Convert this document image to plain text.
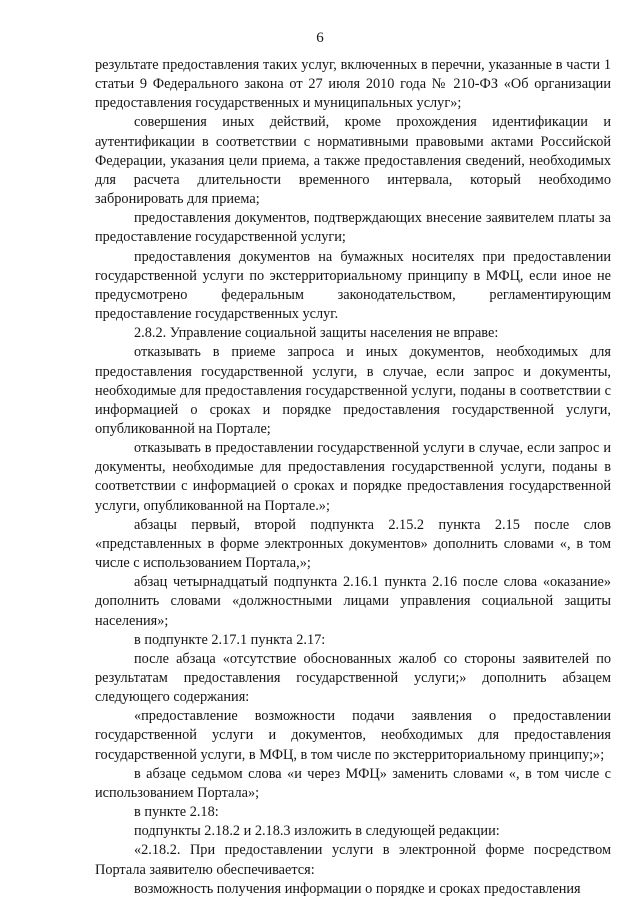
6

результате предоставления таких услуг, включенных в перечни, указанные в части 1 статьи 9 Федерального закона от 27 июля 2010 года № 210-ФЗ «Об организации предоставления государственных и муниципальных услуг»;

совершения иных действий, кроме прохождения идентификации и аутентификации в соответствии с нормативными правовыми актами Российской Федерации, указания цели приема, а также предоставления сведений, необходимых для расчета длительности временного интервала, который необходимо забронировать для приема;

предоставления документов, подтверждающих внесение заявителем платы за предоставление государственной услуги;

предоставления документов на бумажных носителях при предоставлении государственной услуги по экстерриториальному принципу в МФЦ, если иное не предусмотрено федеральным законодательством, регламентирующим предоставление государственных услуг.

2.8.2. Управление социальной защиты населения не вправе:

отказывать в приеме запроса и иных документов, необходимых для предоставления государственной услуги, в случае, если запрос и документы, необходимые для предоставления государственной услуги, поданы в соответствии с информацией о сроках и порядке предоставления государственной услуги, опубликованной на Портале;

отказывать в предоставлении государственной услуги в случае, если запрос и документы, необходимые для предоставления государственной услуги, поданы в соответствии с информацией о сроках и порядке предоставления государственной услуги, опубликованной на Портале.»;

абзацы первый, второй подпункта 2.15.2 пункта 2.15 после слов «представленных в форме электронных документов» дополнить словами «, в том числе с использованием Портала,»;

абзац четырнадцатый подпункта 2.16.1 пункта 2.16 после слова «оказание» дополнить словами «должностными лицами управления социальной защиты населения»;

в подпункте 2.17.1 пункта 2.17:

после абзаца «отсутствие обоснованных жалоб со стороны заявителей по результатам предоставления государственной услуги;» дополнить абзацем следующего содержания:

«предоставление возможности подачи заявления о предоставлении государственной услуги и документов, необходимых для предоставления государственной услуги, в МФЦ, в том числе по экстерриториальному принципу;»;

в абзаце седьмом слова «и через МФЦ» заменить словами «, в том числе с использованием Портала»;

в пункте 2.18:

подпункты 2.18.2 и 2.18.3 изложить в следующей редакции:

«2.18.2. При предоставлении услуги в электронной форме посредством Портала заявителю обеспечивается:

возможность получения информации о порядке и сроках предоставления
